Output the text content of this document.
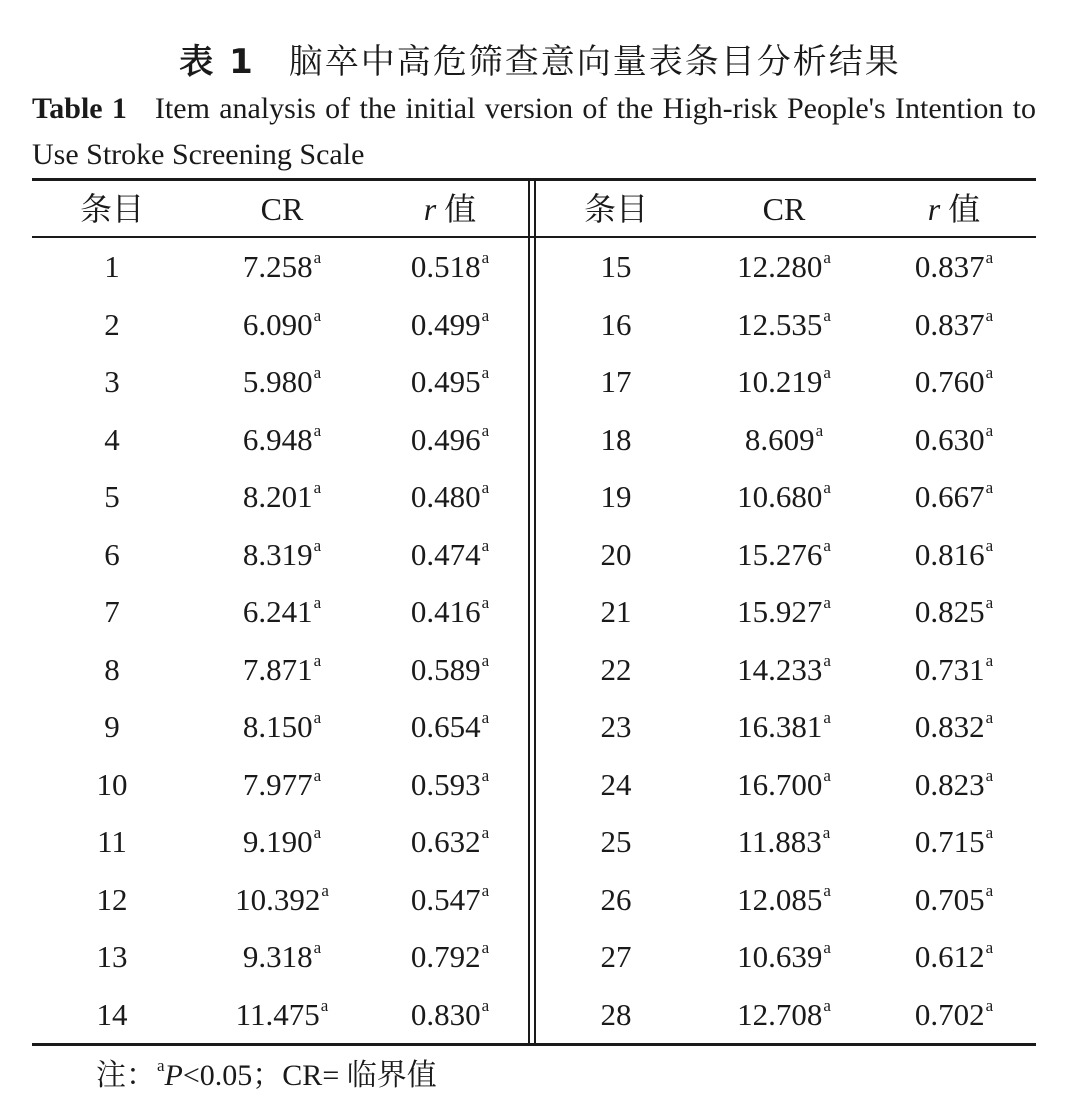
表 1 脑卒中高危筛查意向量表条目分析结果
Table 1 Item analysis of the initial version of the High-risk People's Intention to Use Stroke Screening Scale
条目	CR	r 值	条目	CR	r 值
1	7.258$^a$	0.518$^a$	15	12.280$^a$	0.837$^a$
2	6.090$^a$	0.499$^a$	16	12.535$^a$	0.837$^a$
3	5.980$^a$	0.495$^a$	17	10.219$^a$	0.760$^a$
4	6.948$^a$	0.496$^a$	18	8.609$^a$	0.630$^a$
5	8.201$^a$	0.480$^a$	19	10.680$^a$	0.667$^a$
6	8.319$^a$	0.474$^a$	20	15.276$^a$	0.816$^a$
7	6.241$^a$	0.416$^a$	21	15.927$^a$	0.825$^a$
8	7.871$^a$	0.589$^a$	22	14.233$^a$	0.731$^a$
9	8.150$^a$	0.654$^a$	23	16.381$^a$	0.832$^a$
10	7.977$^a$	0.593$^a$	24	16.700$^a$	0.823$^a$
11	9.190$^a$	0.632$^a$	25	11.883$^a$	0.715$^a$
12	10.392$^a$	0.547$^a$	26	12.085$^a$	0.705$^a$
13	9.318$^a$	0.792$^a$	27	10.639$^a$	0.612$^a$
14	11.475$^a$	0.830$^a$	28	12.708$^a$	0.702$^a$
注：$^a$P<0.05；CR= 临界值
